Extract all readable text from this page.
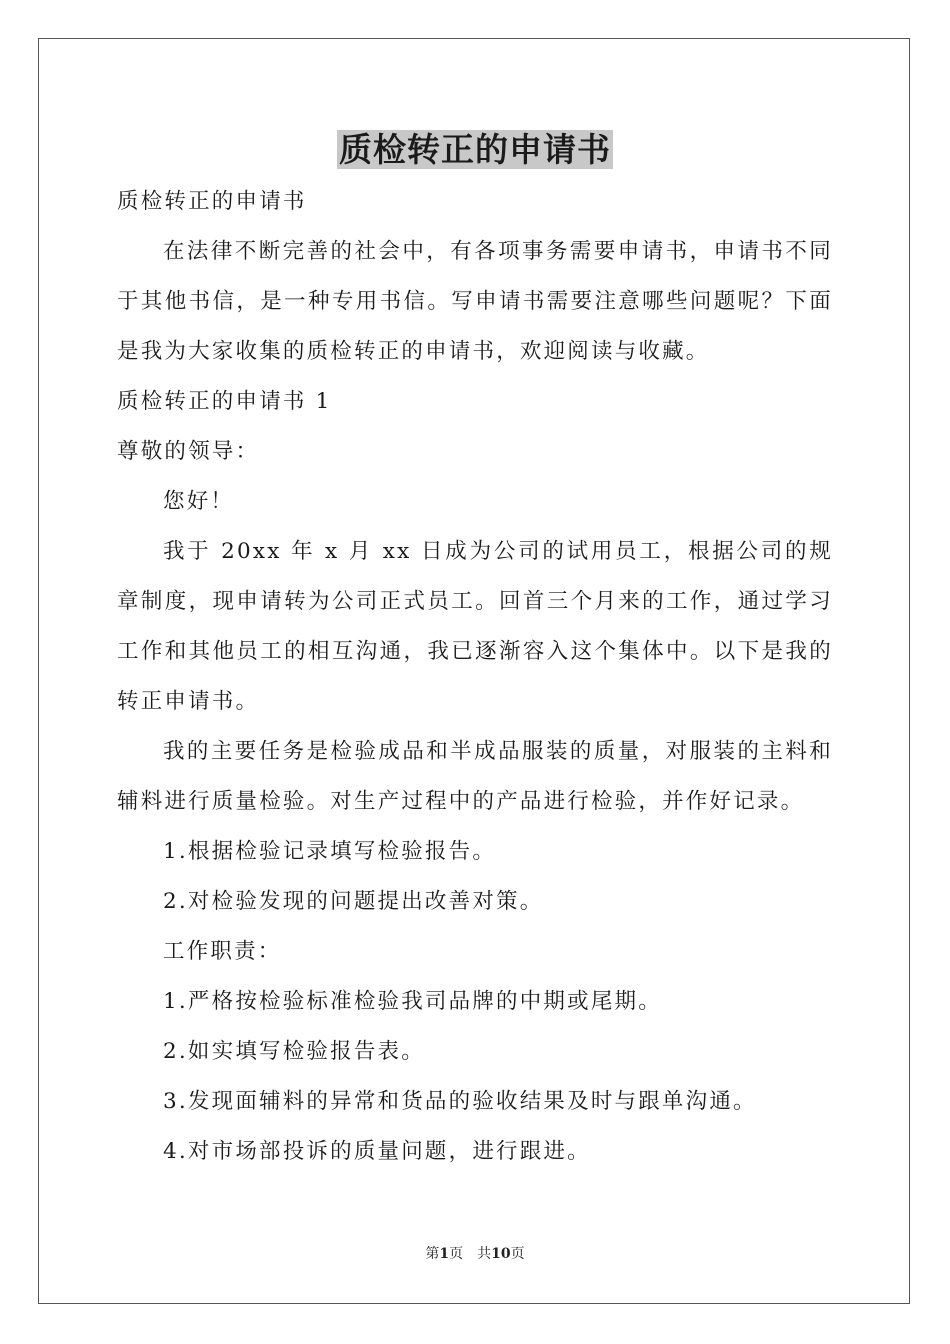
质检转正的申请书

质检转正的申请书

在法律不断完善的社会中，有各项事务需要申请书，申请书不同于其他书信，是一种专用书信。写申请书需要注意哪些问题呢？下面是我为大家收集的质检转正的申请书，欢迎阅读与收藏。

质检转正的申请书 1

尊敬的领导：

您好！

我于 20xx 年 x 月 xx 日成为公司的试用员工，根据公司的规章制度，现申请转为公司正式员工。回首三个月来的工作，通过学习工作和其他员工的相互沟通，我已逐渐容入这个集体中。以下是我的转正申请书。

我的主要任务是检验成品和半成品服装的质量，对服装的主料和辅料进行质量检验。对生产过程中的产品进行检验，并作好记录。

1.根据检验记录填写检验报告。

2.对检验发现的问题提出改善对策。

工作职责：

1.严格按检验标准检验我司品牌的中期或尾期。

2.如实填写检验报告表。

3.发现面辅料的异常和货品的验收结果及时与跟单沟通。

4.对市场部投诉的质量问题，进行跟进。

第1页 共10页
